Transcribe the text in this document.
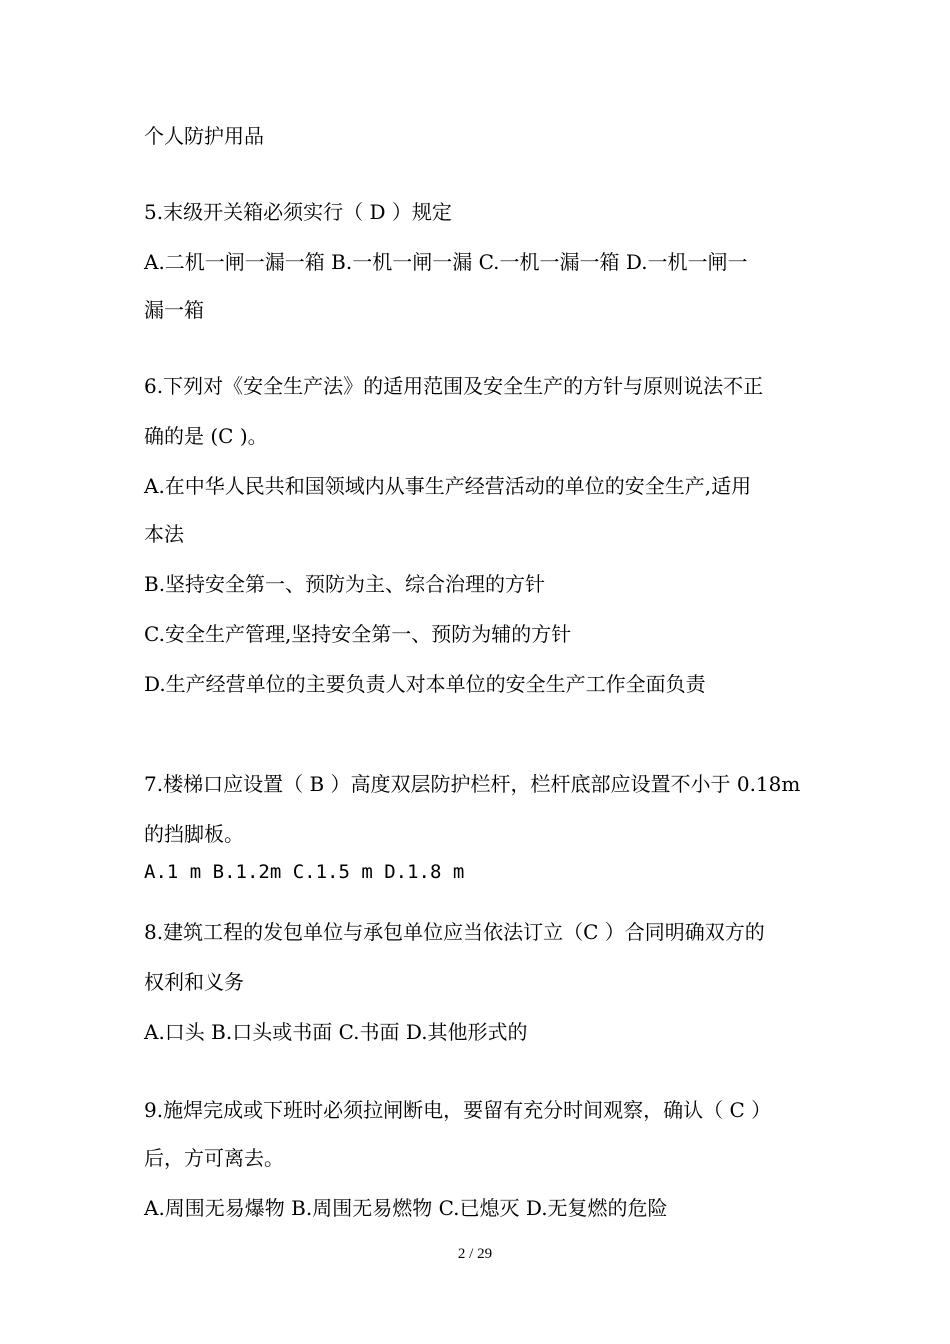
个人防护用品
5.末级开关箱必须实行（ D ）规定
A.二机一闸一漏一箱 B.一机一闸一漏 C.一机一漏一箱 D.一机一闸一
漏一箱
6.下列对《安全生产法》的适用范围及安全生产的方针与原则说法不正
确的是 (C )。
A.在中华人民共和国领域内从事生产经营活动的单位的安全生产,适用
本法
B.坚持安全第一、预防为主、综合治理的方针
C.安全生产管理,坚持安全第一、预防为辅的方针
D.生产经营单位的主要负责人对本单位的安全生产工作全面负责
7.楼梯口应设置（ B ）高度双层防护栏杆，栏杆底部应设置不小于 0.18m
的挡脚板。
A.1 m B.1.2m C.1.5 m D.1.8 m
8.建筑工程的发包单位与承包单位应当依法订立（C ）合同明确双方的
权利和义务
A.口头 B.口头或书面 C.书面 D.其他形式的
9.施焊完成或下班时必须拉闸断电，要留有充分时间观察，确认（ C ）
后，方可离去。
A.周围无易爆物 B.周围无易燃物 C.已熄灭 D.无复燃的危险
2 / 29
